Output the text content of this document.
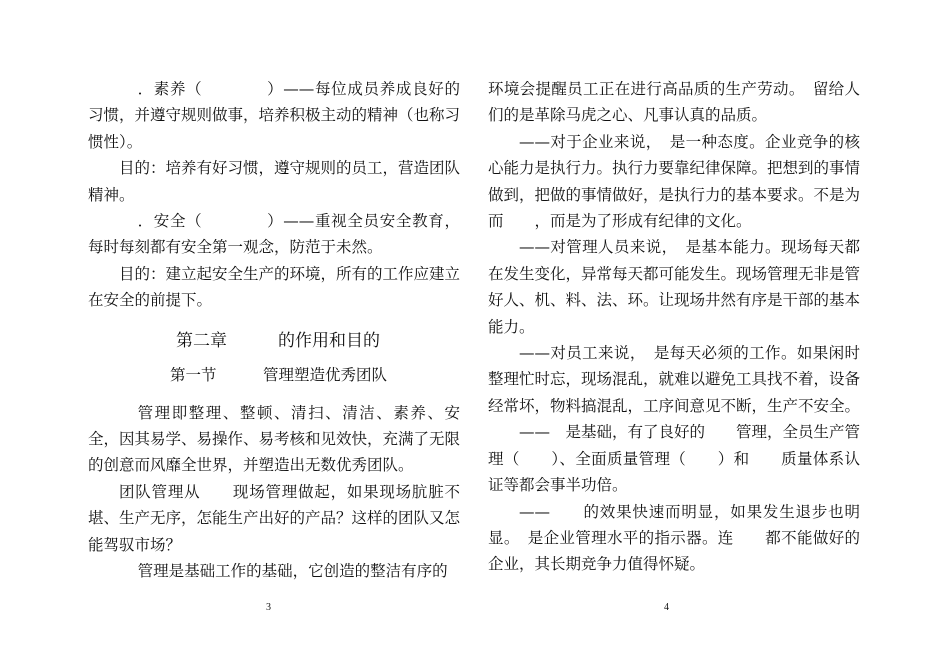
．素养（　　　　）——每位成员养成良好的习惯，并遵守规则做事，培养积极主动的精神（也称习惯性）。

目的：培养有好习惯，遵守规则的员工，营造团队精神。

．安全（　　　　）——重视全员安全教育，每时每刻都有安全第一观念，防范于未然。

目的：建立起安全生产的环境，所有的工作应建立在安全的前提下。

第二章　　　的作用和目的
第一节　　　管理塑造优秀团队

管理即整理、整顿、清扫、清洁、素养、安全，因其易学、易操作、易考核和见效快，充满了无限的创意而风靡全世界，并塑造出无数优秀团队。

团队管理从　　现场管理做起，如果现场肮脏不堪、生产无序，怎能生产出好的产品？这样的团队又怎能驾驭市场？

管理是基础工作的基础，它创造的整洁有序的

3

环境会提醒员工正在进行高品质的生产劳动。　留给人们的是革除马虎之心、凡事认真的品质。

——对于企业来说，　是一种态度。企业竞争的核心能力是执行力。执行力要靠纪律保障。把想到的事情做到，把做的事情做好，是执行力的基本要求。不是为　　而　　，而是为了形成有纪律的文化。

——对管理人员来说，　是基本能力。现场每天都在发生变化，异常每天都可能发生。现场管理无非是管好人、机、料、法、环。让现场井然有序是干部的基本能力。

——对员工来说，　是每天必须的工作。如果闲时整理忙时忘，现场混乱，就难以避免工具找不着，设备经常坏，物料搞混乱，工序间意见不断，生产不安全。

——　是基础，有了良好的　　管理，全员生产管理（　　）、全面质量管理（　　）和　　质量体系认证等都会事半功倍。

——　　的效果快速而明显，如果发生退步也明显。　是企业管理水平的指示器。连　　都不能做好的企业，其长期竞争力值得怀疑。

4
